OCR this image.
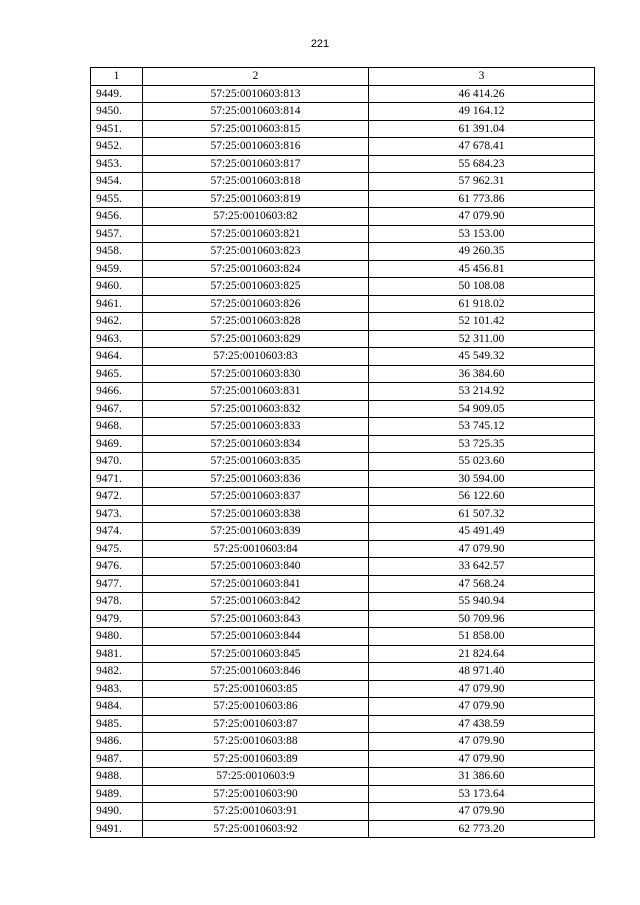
221
1	2	3
9449.	57:25:0010603:813	46 414.26
9450.	57:25:0010603:814	49 164.12
9451.	57:25:0010603:815	61 391.04
9452.	57:25:0010603:816	47 678.41
9453.	57:25:0010603:817	55 684.23
9454.	57:25:0010603:818	57 962.31
9455.	57:25:0010603:819	61 773.86
9456.	57:25:0010603:82	47 079.90
9457.	57:25:0010603:821	53 153.00
9458.	57:25:0010603:823	49 260.35
9459.	57:25:0010603:824	45 456.81
9460.	57:25:0010603:825	50 108.08
9461.	57:25:0010603:826	61 918.02
9462.	57:25:0010603:828	52 101.42
9463.	57:25:0010603:829	52 311.00
9464.	57:25:0010603:83	45 549.32
9465.	57:25:0010603:830	36 384.60
9466.	57:25:0010603:831	53 214.92
9467.	57:25:0010603:832	54 909.05
9468.	57:25:0010603:833	53 745.12
9469.	57:25:0010603:834	53 725.35
9470.	57:25:0010603:835	55 023.60
9471.	57:25:0010603:836	30 594.00
9472.	57:25:0010603:837	56 122.60
9473.	57:25:0010603:838	61 507.32
9474.	57:25:0010603:839	45 491.49
9475.	57:25:0010603:84	47 079.90
9476.	57:25:0010603:840	33 642.57
9477.	57:25:0010603:841	47 568.24
9478.	57:25:0010603:842	55 940.94
9479.	57:25:0010603:843	50 709.96
9480.	57:25:0010603:844	51 858.00
9481.	57:25:0010603:845	21 824.64
9482.	57:25:0010603:846	48 971.40
9483.	57:25:0010603:85	47 079.90
9484.	57:25:0010603:86	47 079.90
9485.	57:25:0010603:87	47 438.59
9486.	57:25:0010603:88	47 079.90
9487.	57:25:0010603:89	47 079.90
9488.	57:25:0010603:9	31 386.60
9489.	57:25:0010603:90	53 173.64
9490.	57:25:0010603:91	47 079.90
9491.	57:25:0010603:92	62 773.20
